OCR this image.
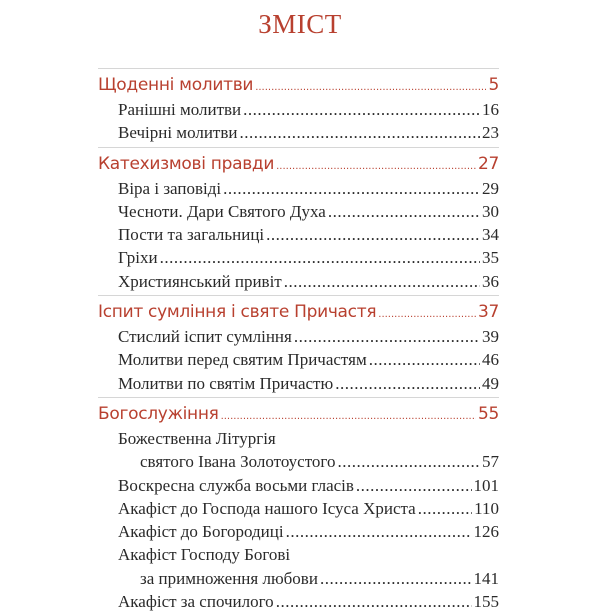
ЗМІСТ
Щоденні молитви .....	5
Ранішні молитви .....	16
Вечірні молитви .....	23
Катехизмові правди .....	27
Віра і заповіді .....	29
Чесноти. Дари Святого Духа .....	30
Пости та загальниці .....	34
Гріхи .....	35
Християнський привіт .....	36
Іспит сумління і святе Причастя .....	37
Стислий іспит сумління .....	39
Молитви перед святим Причастям .....	46
Молитви по святім Причастю .....	49
Богослужіння .....	55
Божественна Літургія
святого Івана Золотоустого .....	57
Воскресна служба восьми гласів .....	101
Акафіст до Господа нашого Ісуса Христа .....	110
Акафіст до Богородиці .....	126
Акафіст Господу Богові
за примноження любови .....	141
Акафіст за спочилого .....	155
